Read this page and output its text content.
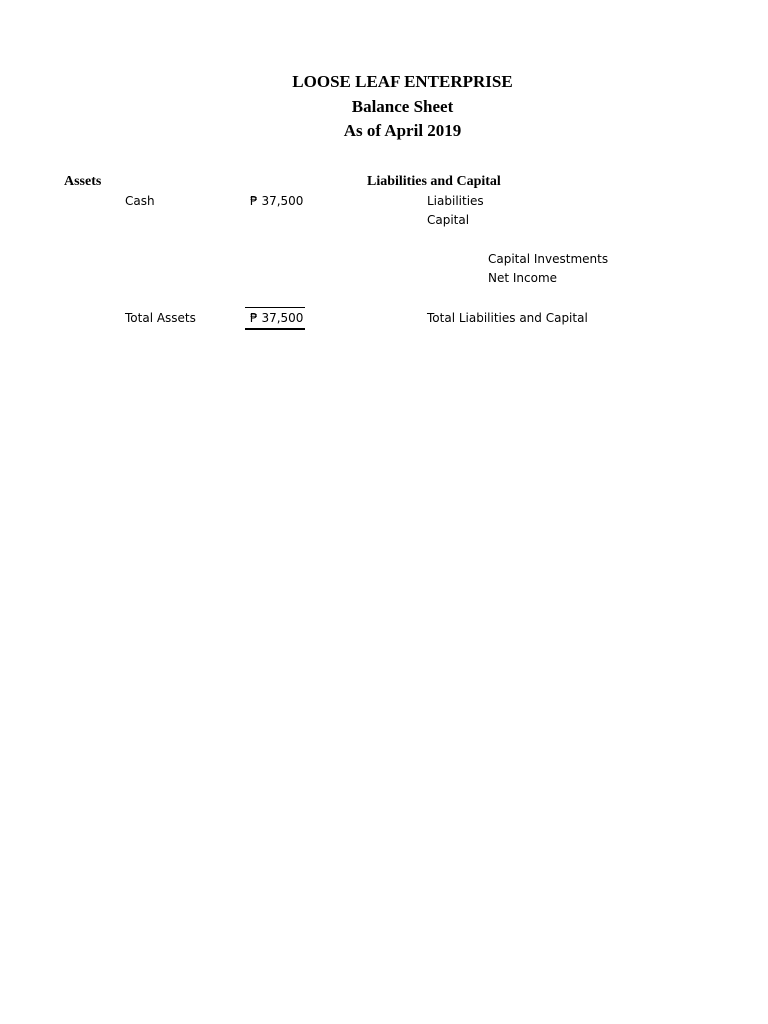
LOOSE LEAF ENTERPRISE
Balance Sheet
As of April 2019
Assets	Liabilities and Capital
Cash	₱ 37,500	Liabilities
Capital
Capital Investments
Net Income
Total Assets	₱ 37,500	Total Liabilities and Capital
